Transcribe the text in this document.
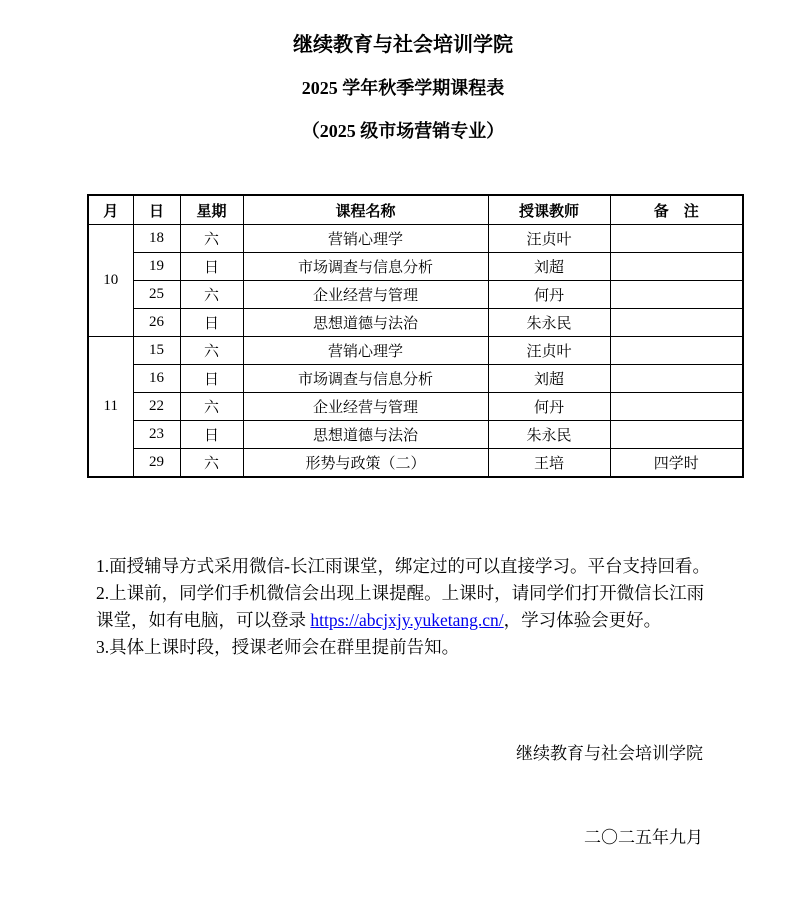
继续教育与社会培训学院
2025 学年秋季学期课程表
（2025 级市场营销专业）
月	日	星期	课程名称	授课教师	备　注
10	18	六	营销心理学	汪贞叶	
	19	日	市场调查与信息分析	刘超	
	25	六	企业经营与管理	何丹	
	26	日	思想道德与法治	朱永民	
11	15	六	营销心理学	汪贞叶	
	16	日	市场调查与信息分析	刘超	
	22	六	企业经营与管理	何丹	
	23	日	思想道德与法治	朱永民	
	29	六	形势与政策（二）	王培	四学时
1.面授辅导方式采用微信-长江雨课堂，绑定过的可以直接学习。平台支持回看。
2.上课前，同学们手机微信会出现上课提醒。上课时，请同学们打开微信长江雨
课堂，如有电脑，可以登录 https://abcjxjy.yuketang.cn/，学习体验会更好。
3.具体上课时段，授课老师会在群里提前告知。

继续教育与社会培训学院

二〇二五年九月
